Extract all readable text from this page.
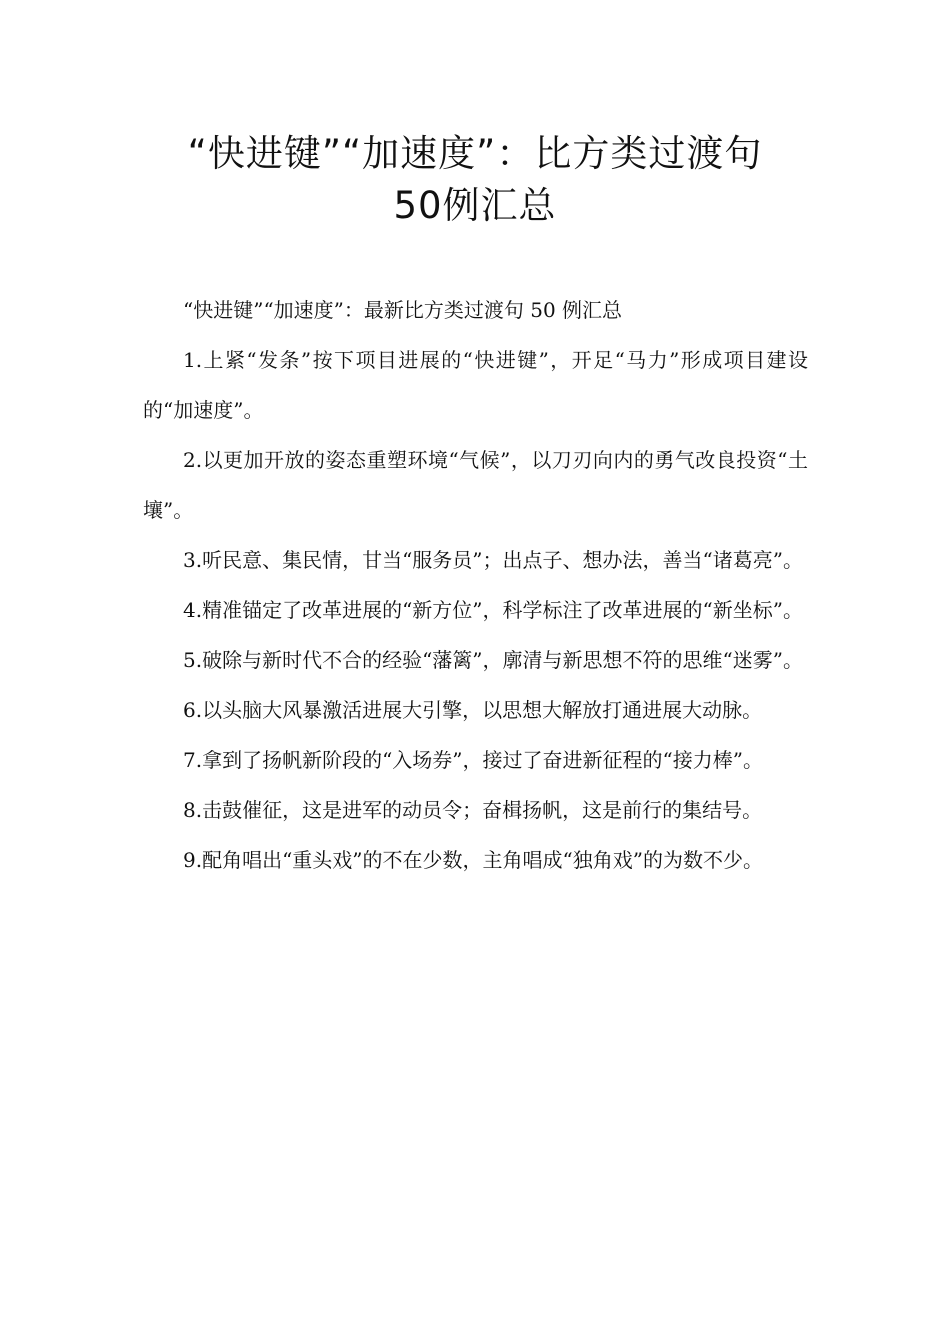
“快进键”“加速度”：比方类过渡句
50例汇总

“快进键”“加速度”：最新比方类过渡句 50 例汇总

1.上紧“发条”按下项目进展的“快进键”，开足“马力”形成项目建设的“加速度”。

2.以更加开放的姿态重塑环境“气候”，以刀刃向内的勇气改良投资“土壤”。

3.听民意、集民情，甘当“服务员”；出点子、想办法，善当“诸葛亮”。

4.精准锚定了改革进展的“新方位”，科学标注了改革进展的“新坐标”。

5.破除与新时代不合的经验“藩篱”，廓清与新思想不符的思维“迷雾”。

6.以头脑大风暴激活进展大引擎，以思想大解放打通进展大动脉。

7.拿到了扬帆新阶段的“入场券”，接过了奋进新征程的“接力棒”。

8.击鼓催征，这是进军的动员令；奋楫扬帆，这是前行的集结号。

9.配角唱出“重头戏”的不在少数，主角唱成“独角戏”的为数不少。
